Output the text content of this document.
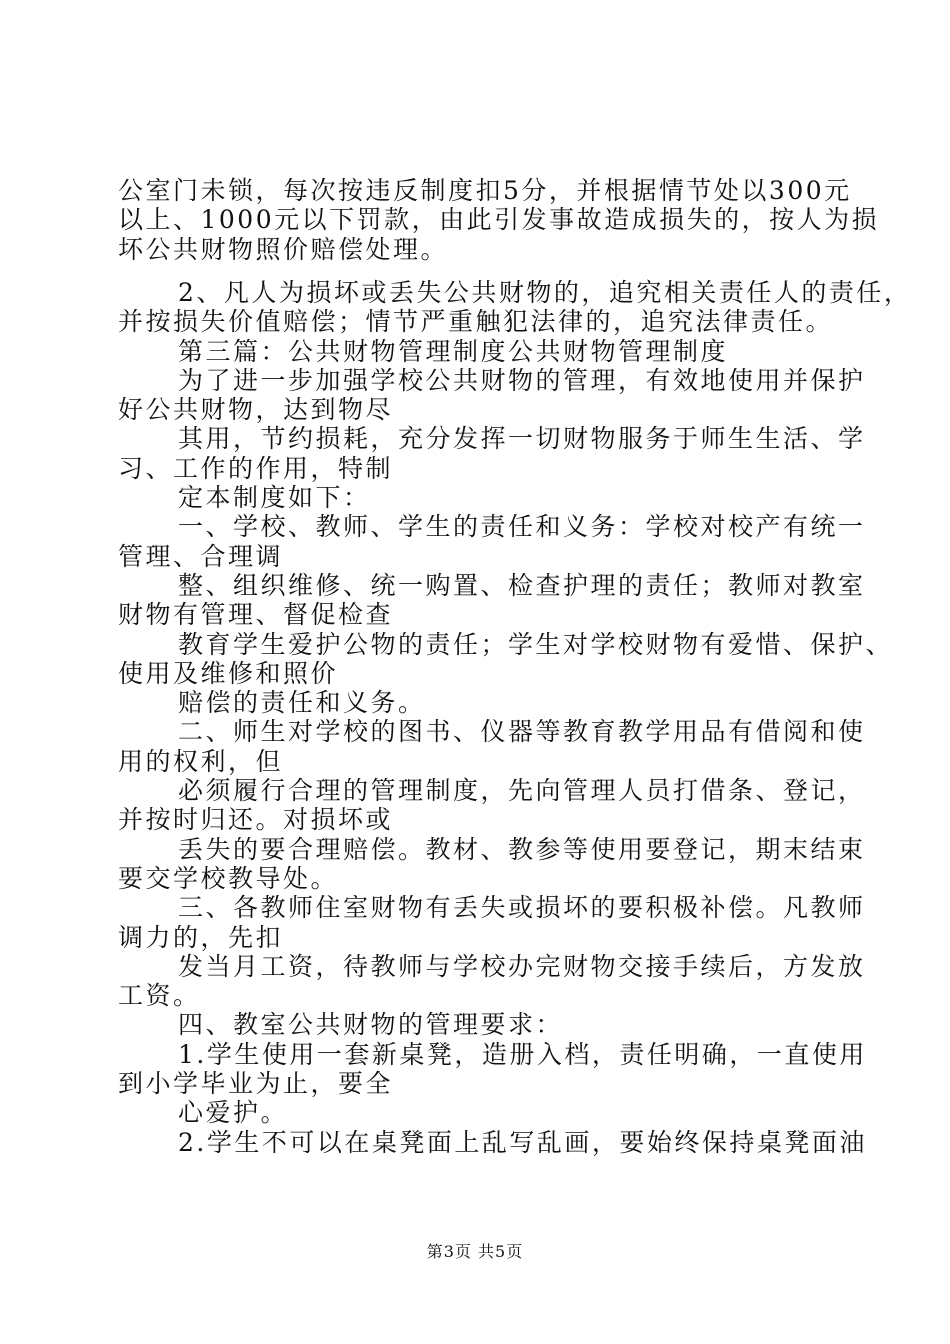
公室门未锁，每次按违反制度扣5分，并根据情节处以300元
以上、1000元以下罚款，由此引发事故造成损失的，按人为损
坏公共财物照价赔偿处理。
2、凡人为损坏或丢失公共财物的，追究相关责任人的责任，
并按损失价值赔偿；情节严重触犯法律的，追究法律责任。
第三篇：公共财物管理制度公共财物管理制度
为了进一步加强学校公共财物的管理，有效地使用并保护
好公共财物，达到物尽
其用，节约损耗，充分发挥一切财物服务于师生生活、学
习、工作的作用，特制
定本制度如下：
一、学校、教师、学生的责任和义务：学校对校产有统一
管理、合理调
整、组织维修、统一购置、检查护理的责任；教师对教室
财物有管理、督促检查
教育学生爱护公物的责任；学生对学校财物有爱惜、保护、
使用及维修和照价
赔偿的责任和义务。
二、师生对学校的图书、仪器等教育教学用品有借阅和使
用的权利，但
必须履行合理的管理制度，先向管理人员打借条、登记，
并按时归还。对损坏或
丢失的要合理赔偿。教材、教参等使用要登记，期末结束
要交学校教导处。
三、各教师住室财物有丢失或损坏的要积极补偿。凡教师
调力的，先扣
发当月工资，待教师与学校办完财物交接手续后，方发放
工资。
四、教室公共财物的管理要求：
1.学生使用一套新桌凳，造册入档，责任明确，一直使用
到小学毕业为止，要全
心爱护。
2.学生不可以在桌凳面上乱写乱画，要始终保持桌凳面油
第3页 共5页
